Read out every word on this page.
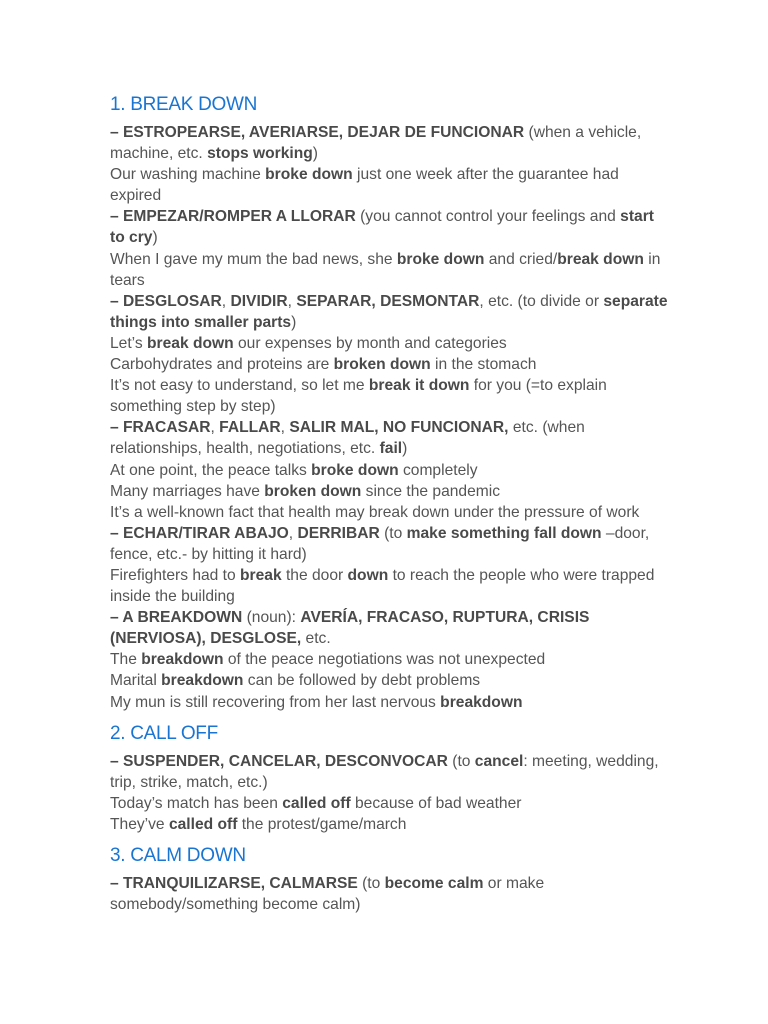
1. BREAK DOWN

– ESTROPEARSE, AVERIARSE, DEJAR DE FUNCIONAR (when a vehicle, machine, etc. stops working)

Our washing machine broke down just one week after the guarantee had expired

– EMPEZAR/ROMPER A LLORAR (you cannot control your feelings and start to cry)

When I gave my mum the bad news, she broke down and cried/break down in tears

– DESGLOSAR, DIVIDIR, SEPARAR, DESMONTAR, etc. (to divide or separate things into smaller parts)

Let’s break down our expenses by month and categories

Carbohydrates and proteins are broken down in the stomach

It’s not easy to understand, so let me break it down for you (=to explain something step by step)

– FRACASAR, FALLAR, SALIR MAL, NO FUNCIONAR, etc. (when relationships, health, negotiations, etc. fail)

At one point, the peace talks broke down completely

Many marriages have broken down since the pandemic

It’s a well-known fact that health may break down under the pressure of work

– ECHAR/TIRAR ABAJO, DERRIBAR (to make something fall down –door, fence, etc.- by hitting it hard)

Firefighters had to break the door down to reach the people who were trapped inside the building

– A BREAKDOWN (noun): AVERÍA, FRACASO, RUPTURA, CRISIS (NERVIOSA), DESGLOSE, etc.

The breakdown of the peace negotiations was not unexpected

Marital breakdown can be followed by debt problems

My mun is still recovering from her last nervous breakdown

2. CALL OFF

– SUSPENDER, CANCELAR, DESCONVOCAR (to cancel: meeting, wedding, trip, strike, match, etc.)

Today’s match has been called off because of bad weather

They’ve called off the protest/game/march

3. CALM DOWN

– TRANQUILIZARSE, CALMARSE (to become calm or make somebody/something become calm)
